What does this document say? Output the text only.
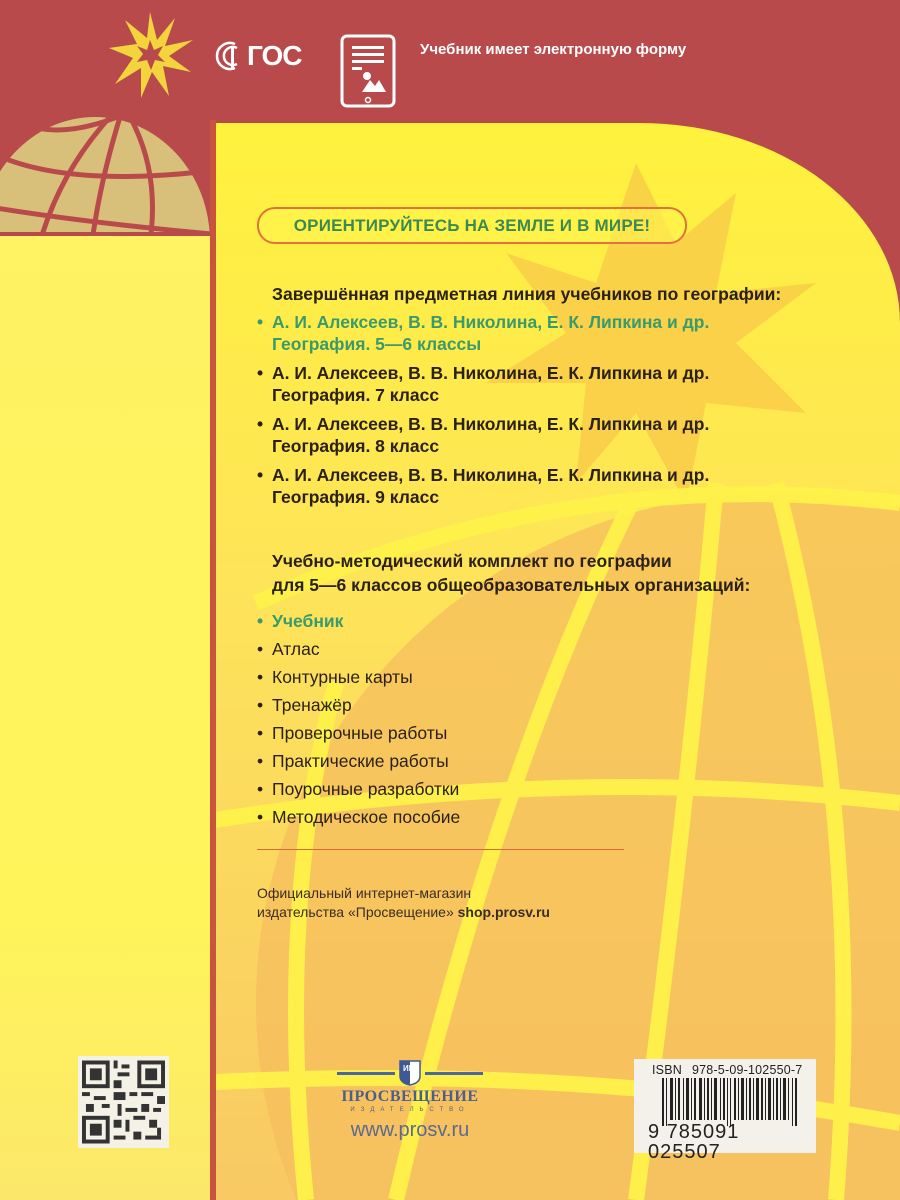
ГОС	Учебник имеет электронную форму
ОРИЕНТИРУЙТЕСЬ НА ЗЕМЛЕ И В МИРЕ!
Завершённая предметная линия учебников по географии:
• А. И. Алексеев, В. В. Николина, Е. К. Липкина и др.
География. 5—6 классы
• А. И. Алексеев, В. В. Николина, Е. К. Липкина и др.
География. 7 класс
• А. И. Алексеев, В. В. Николина, Е. К. Липкина и др.
География. 8 класс
• А. И. Алексеев, В. В. Николина, Е. К. Липкина и др.
География. 9 класс
Учебно-методический комплект по географии
для 5—6 классов общеобразовательных организаций:
• Учебник
• Атлас
• Контурные карты
• Тренажёр
• Проверочные работы
• Практические работы
• Поурочные разработки
• Методическое пособие
Официальный интернет-магазин
издательства «Просвещение» shop.prosv.ru
ИП
ПРОСВЕЩЕНИЕ
ИЗДАТЕЛЬСТВО
www.prosv.ru
ISBN 978-5-09-102550-7
9 785091 025507
